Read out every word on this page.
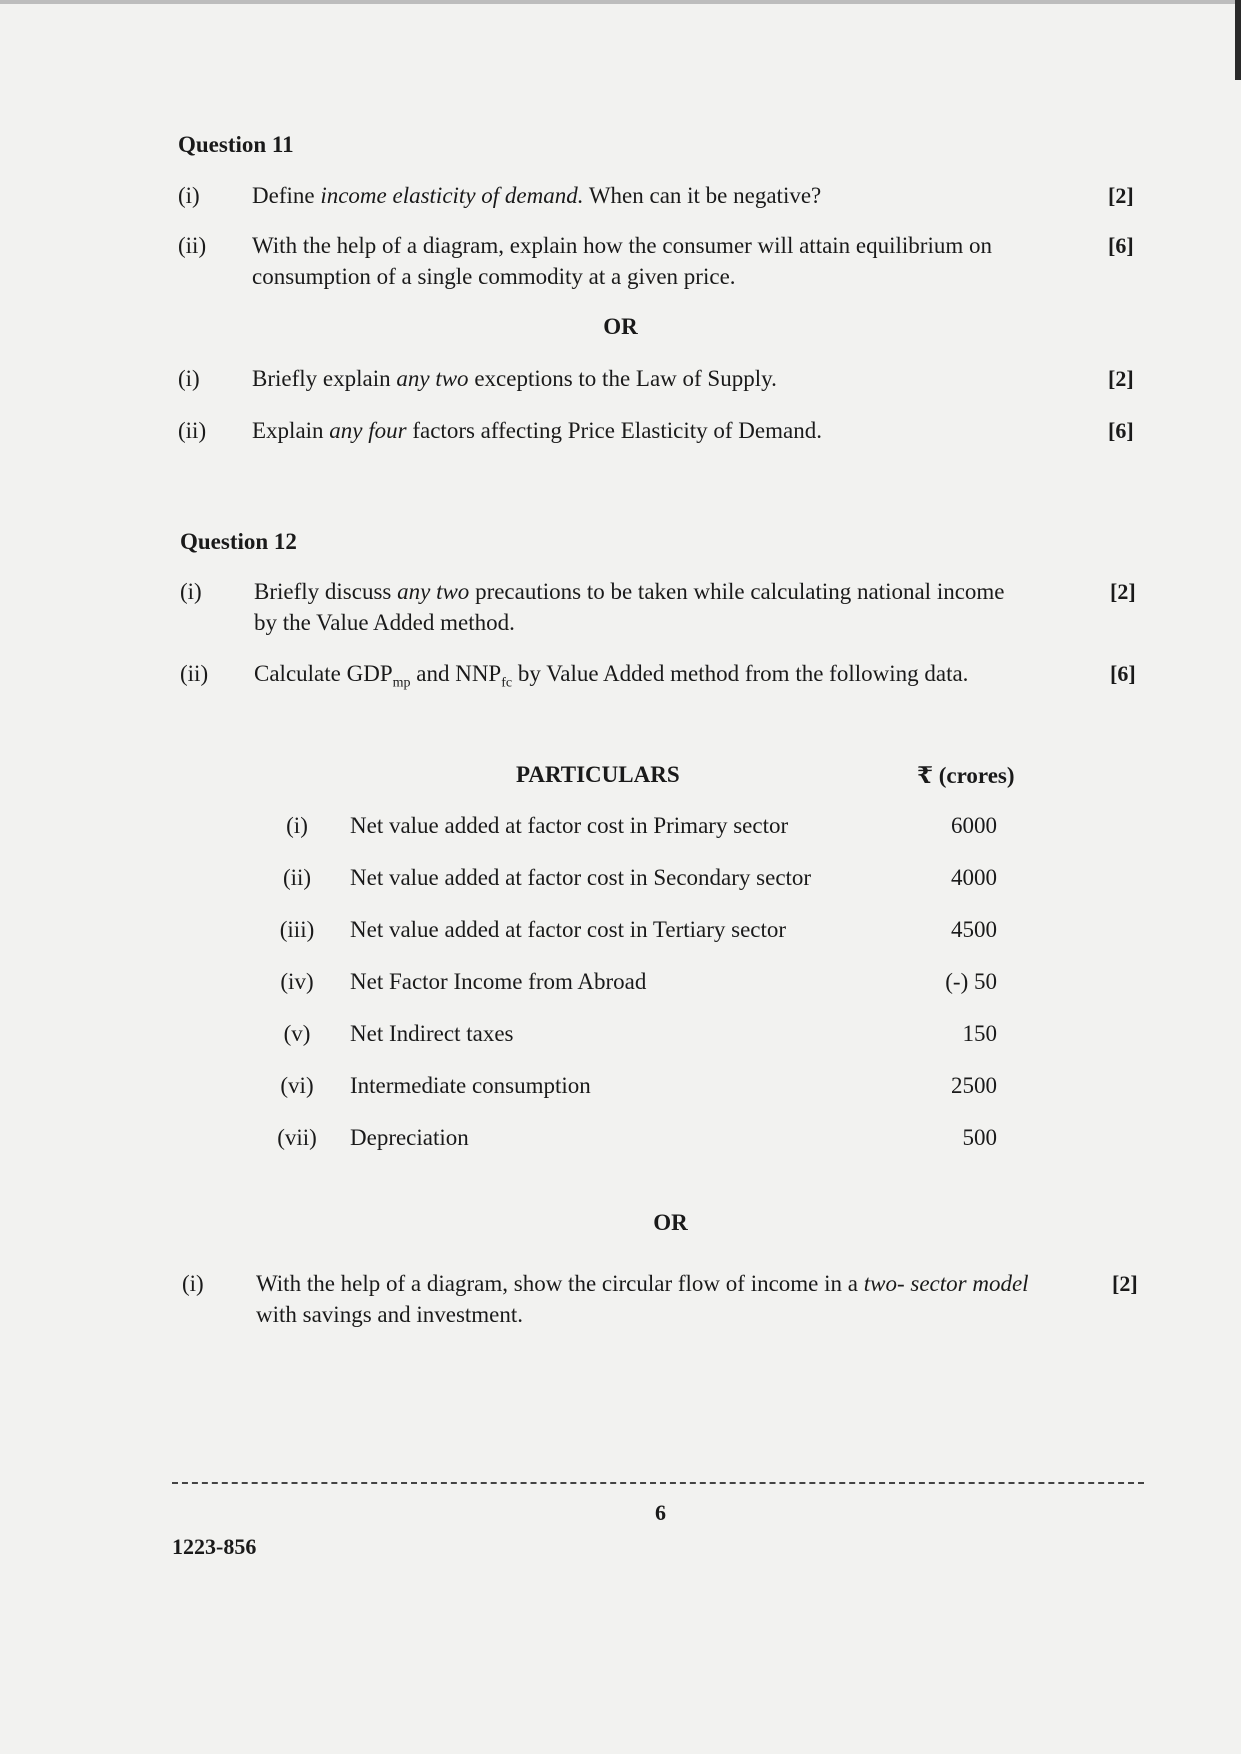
Question 11
(i) Define income elasticity of demand. When can it be negative?	[2]
(ii) With the help of a diagram, explain how the consumer will attain equilibrium on
consumption of a single commodity at a given price.
[6]
OR
(i) Briefly explain any two exceptions to the Law of Supply.	[2]
(ii) Explain any four factors affecting Price Elasticity of Demand.	[6]
Question 12
(i) Briefly discuss any two precautions to be taken while calculating national income
by the Value Added method.
[2]
(ii) Calculate $GDP_{mp}$ and $NNP_{fc}$ by Value Added method from the following data.	[6]
PARTICULARS	₹ (crores)
(i)	Net value added at factor cost in Primary sector	6000
(ii)	Net value added at factor cost in Secondary sector	4000
(iii)	Net value added at factor cost in Tertiary sector	4500
(iv)	Net Factor Income from Abroad	(-) 50
(v)	Net Indirect taxes	150
(vi)	Intermediate consumption	2500
(vii)	Depreciation	500
OR
(i) With the help of a diagram, show the circular flow of income in a two- sector model
with savings and investment.
[2]
6
1223-856
